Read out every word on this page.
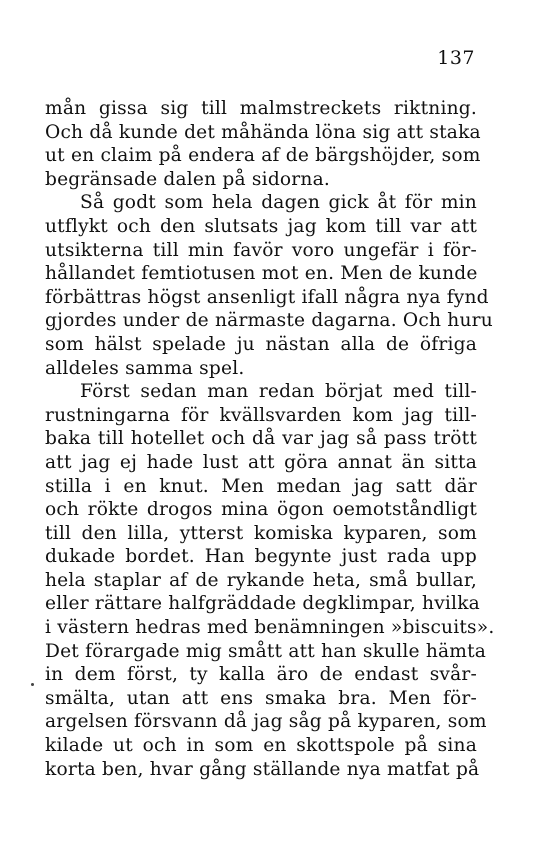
137
mån gissa sig till malmstreckets riktning.
Och då kunde det måhända löna sig att staka
ut en claim på endera af de bärgshöjder, som
begränsade dalen på sidorna.
Så godt som hela dagen gick åt för min
utflykt och den slutsats jag kom till var att
utsikterna till min favör voro ungefär i för-
hållandet femtiotusen mot en. Men de kunde
förbättras högst ansenligt ifall några nya fynd
gjordes under de närmaste dagarna. Och huru
som hälst spelade ju nästan alla de öfriga
alldeles samma spel.
Först sedan man redan börjat med till-
rustningarna för kvällsvarden kom jag till-
baka till hotellet och då var jag så pass trött
att jag ej hade lust att göra annat än sitta
stilla i en knut. Men medan jag satt där
och rökte drogos mina ögon oemotståndligt
till den lilla, ytterst komiska kyparen, som
dukade bordet. Han begynte just rada upp
hela staplar af de rykande heta, små bullar,
eller rättare halfgräddade degklimpar, hvilka
i västern hedras med benämningen »biscuits».
Det förargade mig smått att han skulle hämta
in dem först, ty kalla äro de endast svår-
smälta, utan att ens smaka bra. Men för-
argelsen försvann då jag såg på kyparen, som
kilade ut och in som en skottspole på sina
korta ben, hvar gång ställande nya matfat på
